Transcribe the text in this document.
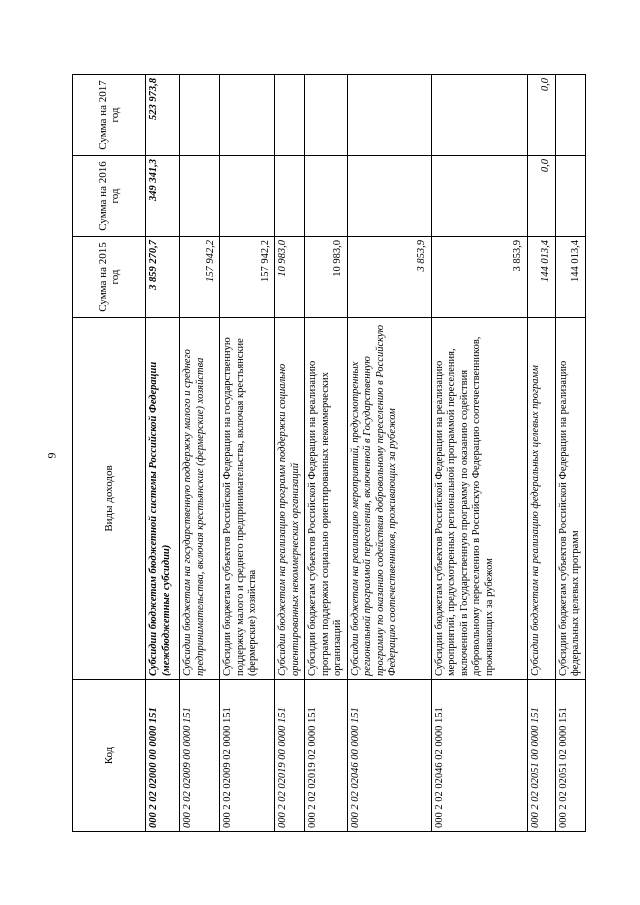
9
Код	Виды доходов	Сумма на 2015 год	Сумма на 2016 год	Сумма на 2017 год
000 2 02 02000 00 0000 151	Субсидии бюджетам бюджетной системы Российской Федерации (межбюджетные субсидии)	3 859 270,7	349 341,3	523 973,8
000 2 02 02009 00 0000 151	Субсидии бюджетам на государственную поддержку малого и среднего предпринимательства, включая крестьянские (фермерские) хозяйства	157 942,2		
000 2 02 02009 02 0000 151	Субсидии бюджетам субъектов Российской Федерации на государственную поддержку малого и среднего предпринимательства, включая крестьянские (фермерские) хозяйства	157 942,2		
000 2 02 02019 00 0000 151	Субсидии бюджетам на реализацию программ поддержки социально ориентированных некоммерческих организаций	10 983,0		
000 2 02 02019 02 0000 151	Субсидии бюджетам субъектов Российской Федерации на реализацию программ поддержки социально ориентированных некоммерческих организаций	10 983,0		
000 2 02 02046 00 0000 151	Субсидии бюджетам на реализацию мероприятий, предусмотренных региональной программой переселения, включенной в Государственную программу по оказанию содействия добровольному переселению в Российскую Федерацию соотечественников, проживающих за рубежом	3 853,9		
000 2 02 02046 02 0000 151	Субсидии бюджетам субъектов Российской Федерации на реализацию мероприятий, предусмотренных региональной программой переселения, включенной в Государственную программу по оказанию содействия добровольному переселению в Российскую Федерацию соотечественников, проживающих за рубежом	3 853,9		
000 2 02 02051 00 0000 151	Субсидии бюджетам на реализацию федеральных целевых программ	144 013,4	0,0	0,0
000 2 02 02051 02 0000 151	Субсидии бюджетам субъектов Российской Федерации на реализацию федеральных целевых программ	144 013,4		
